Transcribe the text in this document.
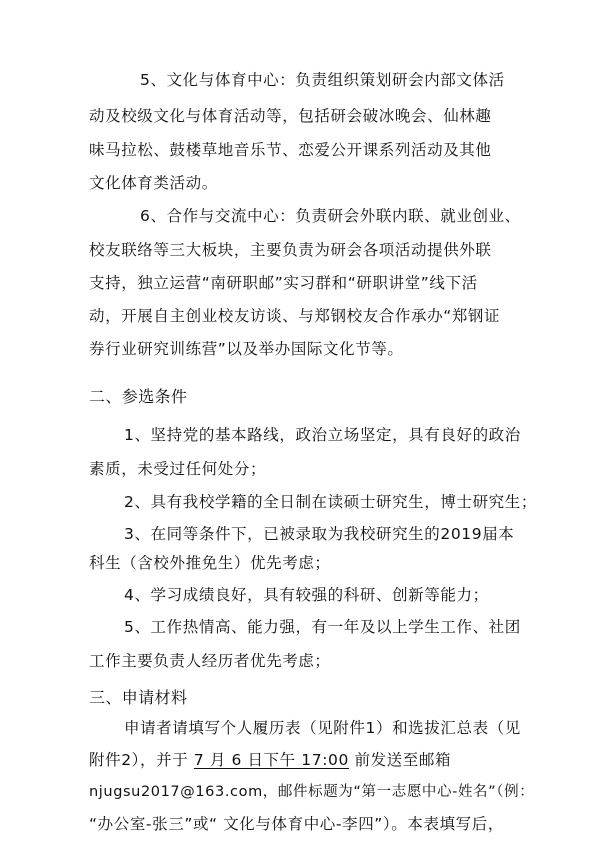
5、文化与体育中心：负责组织策划研会内部文体活
动及校级文化与体育活动等，包括研会破冰晚会、仙林趣
味马拉松、鼓楼草地音乐节、恋爱公开课系列活动及其他
文化体育类活动。
6、合作与交流中心：负责研会外联内联、就业创业、
校友联络等三大板块，主要负责为研会各项活动提供外联
支持，独立运营“南研职邮”实习群和“研职讲堂”线下活
动，开展自主创业校友访谈、与郑钢校友合作承办“郑钢证
券行业研究训练营”以及举办国际文化节等。
二、参选条件
1、坚持党的基本路线，政治立场坚定，具有良好的政治
素质，未受过任何处分；
2、具有我校学籍的全日制在读硕士研究生，博士研究生；
3、在同等条件下，已被录取为我校研究生的2019届本
科生（含校外推免生）优先考虑；
4、学习成绩良好，具有较强的科研、创新等能力；
5、工作热情高、能力强，有一年及以上学生工作、社团
工作主要负责人经历者优先考虑；
三、申请材料
申请者请填写个人履历表（见附件1）和选拔汇总表（见
附件2），并于 7 月 6 日下午 17:00 前发送至邮箱
njugsu2017@163.com，邮件标题为“第一志愿中心-姓名”（例：
“办公室-张三”或“ 文化与体育中心-李四”）。本表填写后，
